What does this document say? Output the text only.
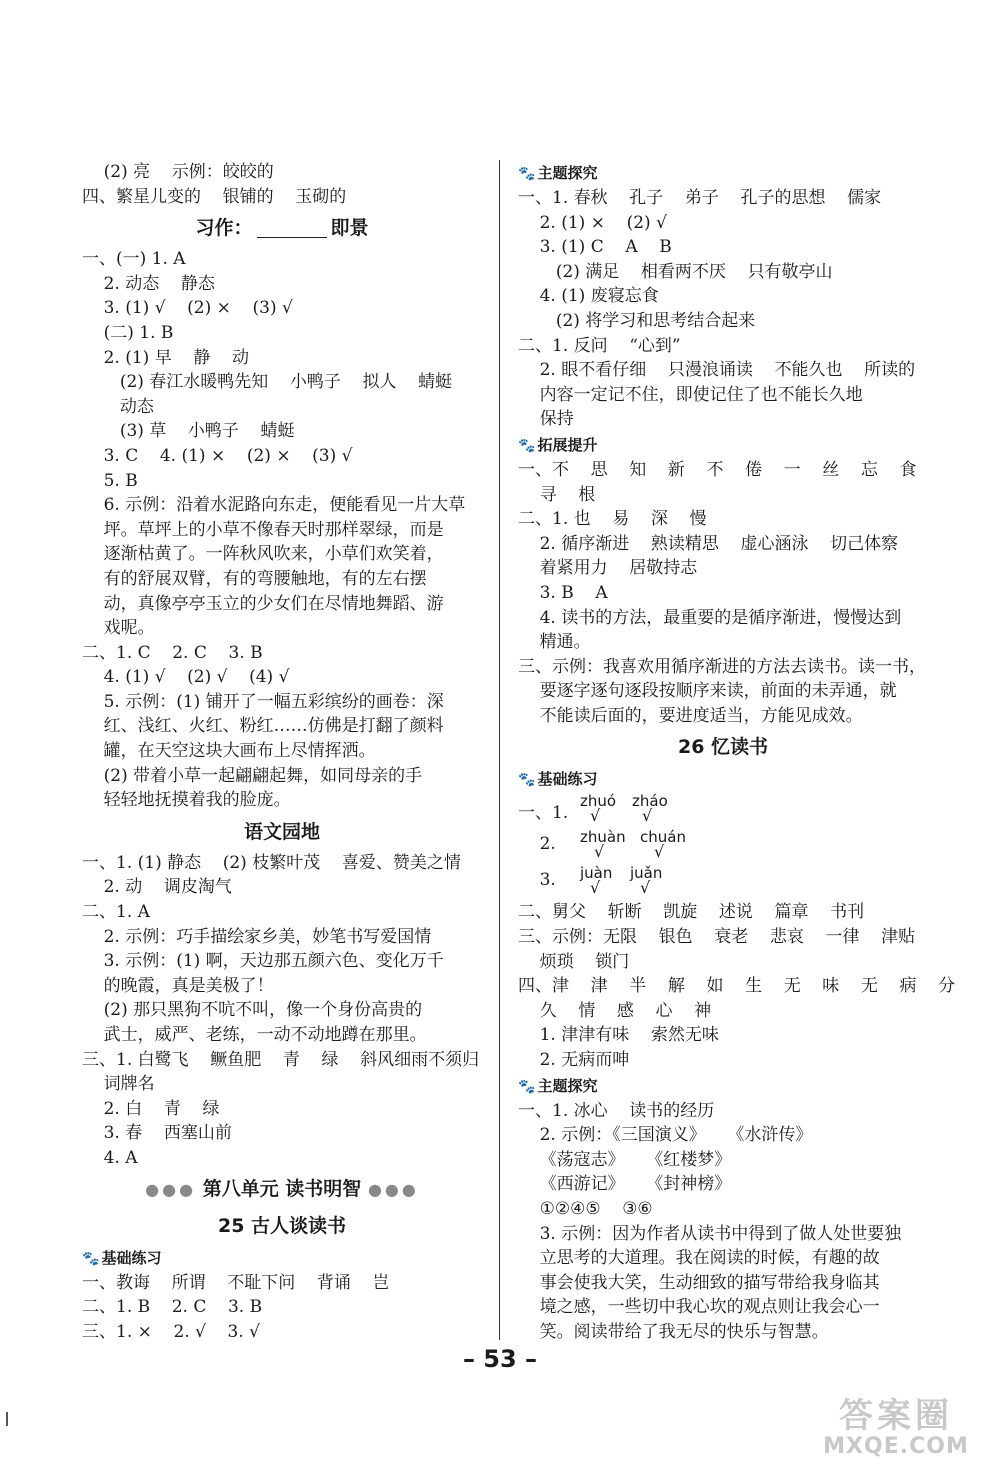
(2) 亮    示例：皎皎的
四、繁星儿变的    银铺的    玉砌的
习作：	即景
一、(一) 1. A
2. 动态    静态
3. (1) √    (2) ×    (3) √
(二) 1. B
2. (1) 早    静    动
(2) 春江水暖鸭先知    小鸭子    拟人    蜻蜓
动态
(3) 草    小鸭子    蜻蜓
3. C    4. (1) ×    (2) ×    (3) √
5. B
6. 示例：沿着水泥路向东走，便能看见一片大草
坪。草坪上的小草不像春天时那样翠绿，而是
逐渐枯黄了。一阵秋风吹来，小草们欢笑着，
有的舒展双臂，有的弯腰触地，有的左右摆
动，真像亭亭玉立的少女们在尽情地舞蹈、游
戏呢。
二、1. C    2. C    3. B
4. (1) √    (2) √    (4) √
5. 示例：(1) 铺开了一幅五彩缤纷的画卷：深
红、浅红、火红、粉红……仿佛是打翻了颜料
罐，在天空这块大画布上尽情挥洒。
(2) 带着小草一起翩翩起舞，如同母亲的手
轻轻地抚摸着我的脸庞。
语文园地
一、1. (1) 静态    (2) 枝繁叶茂    喜爱、赞美之情
2. 动    调皮淘气
二、1. A
2. 示例：巧手描绘家乡美，妙笔书写爱国情
3. 示例：(1) 啊，天边那五颜六色、变化万千
的晚霞，真是美极了！
(2) 那只黑狗不吭不叫，像一个身份高贵的
武士，威严、老练，一动不动地蹲在那里。
三、1. 白鹭飞    鳜鱼肥    青    绿    斜风细雨不须归
词牌名
2. 白    青    绿
3. 春    西塞山前
4. A
●●● 第八单元 读书明智 ●●●
25 古人谈读书
🐾 基础练习
一、教诲    所谓    不耻下问    背诵    岂
二、1. B    2. C    3. B
三、1. ×    2. √    3. √
🐾 主题探究
一、1. 春秋    孔子    弟子    孔子的思想    儒家
2. (1) ×    (2) √
3. (1) C    A    B
(2) 满足    相看两不厌    只有敬亭山
4. (1) 废寝忘食
(2) 将学习和思考结合起来
二、1. 反问    “心到”
2. 眼不看仔细    只漫浪诵读    不能久也    所读的
内容一定记不住，即使记住了也不能长久地
保持
🐾 拓展提升
一、不    思    知    新    不    倦    一    丝    忘    食
寻    根
二、1. 也    易    深    慢
2. 循序渐进    熟读精思    虚心涵泳    切己体察
着紧用力    居敬持志
3. B    A
4. 读书的方法，最重要的是循序渐进，慢慢达到
精通。
三、示例：我喜欢用循序渐进的方法去读书。读一书，
要逐字逐句逐段按顺序来读，前面的未弄通，就
不能读后面的，要进度适当，方能见成效。
26 忆读书
🐾 基础练习
一、1.
zhuó zháo
√	√
2. zhuàn chuán
√	√
3. juàn juǎn
√ √
二、舅父    斩断    凯旋    述说    篇章    书刊
三、示例：无限    银色    衰老    悲哀    一律    津贴
烦琐    锁门
四、津    津    半    解    如    生    无    味    无    病    分
久    情    感    心    神
1. 津津有味    索然无味
2. 无病而呻
🐾 主题探究
一、1. 冰心    读书的经历
2. 示例：《三国演义》    《水浒传》
《荡寇志》    《红楼梦》
《西游记》    《封神榜》
①②④⑤    ③⑥
3. 示例：因为作者从读书中得到了做人处世要独
立思考的大道理。我在阅读的时候，有趣的故
事会使我大笑，生动细致的描写带给我身临其
境之感，一些切中我心坎的观点则让我会心一
笑。阅读带给了我无尽的快乐与智慧。
– 53 –
答案圈
MXQE.COM
